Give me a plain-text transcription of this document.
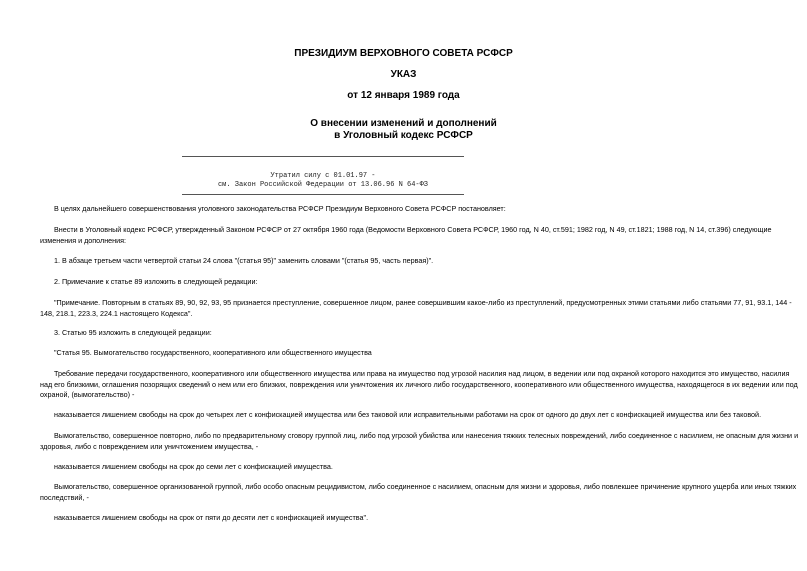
ПРЕЗИДИУМ ВЕРХОВНОГО СОВЕТА РСФСР

УКАЗ

от 12 января 1989 года

О внесении изменений и дополнений

в Уголовный кодекс РСФСР

Утратил силу с 01.01.97 -

см. Закон Российской Федерации от 13.06.96 N 64-ФЗ

В целях дальнейшего совершенствования уголовного законодательства РСФСР Президиум Верховного Совета РСФСР постановляет:

Внести в Уголовный кодекс РСФСР, утвержденный Законом РСФСР от 27 октября 1960 года (Ведомости Верховного Совета РСФСР, 1960 год, N 40, ст.591; 1982 год, N 49, ст.1821; 1988 год, N 14, ст.396) следующие изменения и дополнения:

1. В абзаце третьем части четвертой статьи 24 слова "(статья 95)" заменить словами "(статья 95, часть первая)".

2. Примечание к статье 89 изложить в следующей редакции:

"Примечание. Повторным в статьях 89, 90, 92, 93, 95 признается преступление, совершенное лицом, ранее совершившим какое-либо из преступлений, предусмотренных этими статьями либо статьями 77, 91, 93.1, 144 - 148, 218.1, 223.3, 224.1 настоящего Кодекса".

3. Статью 95 изложить в следующей редакции:

"Статья 95. Вымогательство государственного, кооперативного или общественного имущества

Требование передачи государственного, кооперативного или общественного имущества или права на имущество под угрозой насилия над лицом, в ведении или под охраной которого находится это имущество, насилия над его близкими, оглашения позорящих сведений о нем или его близких, повреждения или уничтожения их личного либо государственного, кооперативного или общественного имущества, находящегося в их ведении или под охраной, (вымогательство) -

наказывается лишением свободы на срок до четырех лет с конфискацией имущества или без таковой или исправительными работами на срок от одного до двух лет с конфискацией имущества или без таковой.

Вымогательство, совершенное повторно, либо по предварительному сговору группой лиц, либо под угрозой убийства или нанесения тяжких телесных повреждений, либо соединенное с насилием, не опасным для жизни и здоровья, либо с повреждением или уничтожением имущества, -

наказывается лишением свободы на срок до семи лет с конфискацией имущества.

Вымогательство, совершенное организованной группой, либо особо опасным рецидивистом, либо соединенное с насилием, опасным для жизни и здоровья, либо повлекшее причинение крупного ущерба или иных тяжких последствий, -

наказывается лишением свободы на срок от пяти до десяти лет с конфискацией имущества".
